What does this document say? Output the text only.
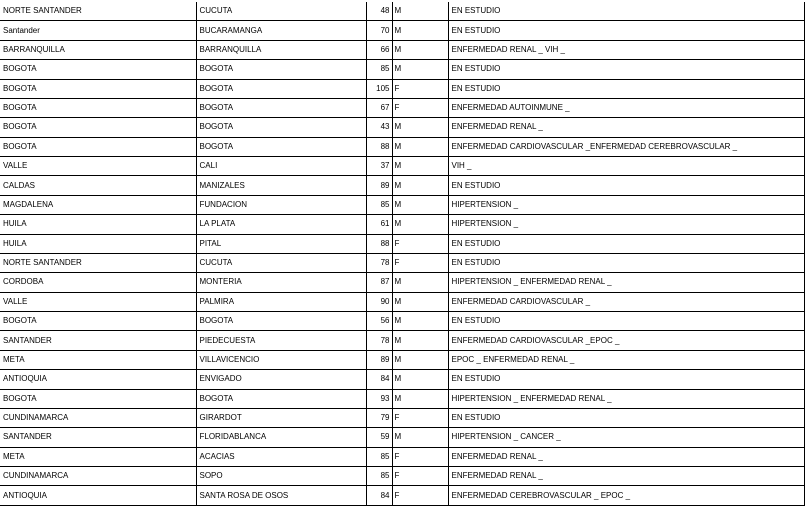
NORTE SANTANDER	CUCUTA	48	M	EN ESTUDIO
Santander	BUCARAMANGA	70	M	EN ESTUDIO
BARRANQUILLA	BARRANQUILLA	66	M	ENFERMEDAD RENAL _ VIH _
BOGOTA	BOGOTA	85	M	EN ESTUDIO
BOGOTA	BOGOTA	105	F	EN ESTUDIO
BOGOTA	BOGOTA	67	F	ENFERMEDAD AUTOINMUNE _
BOGOTA	BOGOTA	43	M	ENFERMEDAD RENAL _
BOGOTA	BOGOTA	88	M	ENFERMEDAD CARDIOVASCULAR _ENFERMEDAD CEREBROVASCULAR _
VALLE	CALI	37	M	VIH _
CALDAS	MANIZALES	89	M	EN ESTUDIO
MAGDALENA	FUNDACION	85	M	HIPERTENSION _
HUILA	LA PLATA	61	M	HIPERTENSION _
HUILA	PITAL	88	F	EN ESTUDIO
NORTE SANTANDER	CUCUTA	78	F	EN ESTUDIO
CORDOBA	MONTERIA	87	M	HIPERTENSION _ ENFERMEDAD RENAL _
VALLE	PALMIRA	90	M	ENFERMEDAD CARDIOVASCULAR _
BOGOTA	BOGOTA	56	M	EN ESTUDIO
SANTANDER	PIEDECUESTA	78	M	ENFERMEDAD CARDIOVASCULAR _EPOC _
META	VILLAVICENCIO	89	M	EPOC _ ENFERMEDAD RENAL _
ANTIOQUIA	ENVIGADO	84	M	EN ESTUDIO
BOGOTA	BOGOTA	93	M	HIPERTENSION _ ENFERMEDAD RENAL _
CUNDINAMARCA	GIRARDOT	79	F	EN ESTUDIO
SANTANDER	FLORIDABLANCA	59	M	HIPERTENSION _ CANCER _
META	ACACIAS	85	F	ENFERMEDAD RENAL _
CUNDINAMARCA	SOPO	85	F	ENFERMEDAD RENAL _
ANTIOQUIA	SANTA ROSA DE OSOS	84	F	ENFERMEDAD CEREBROVASCULAR _ EPOC _
